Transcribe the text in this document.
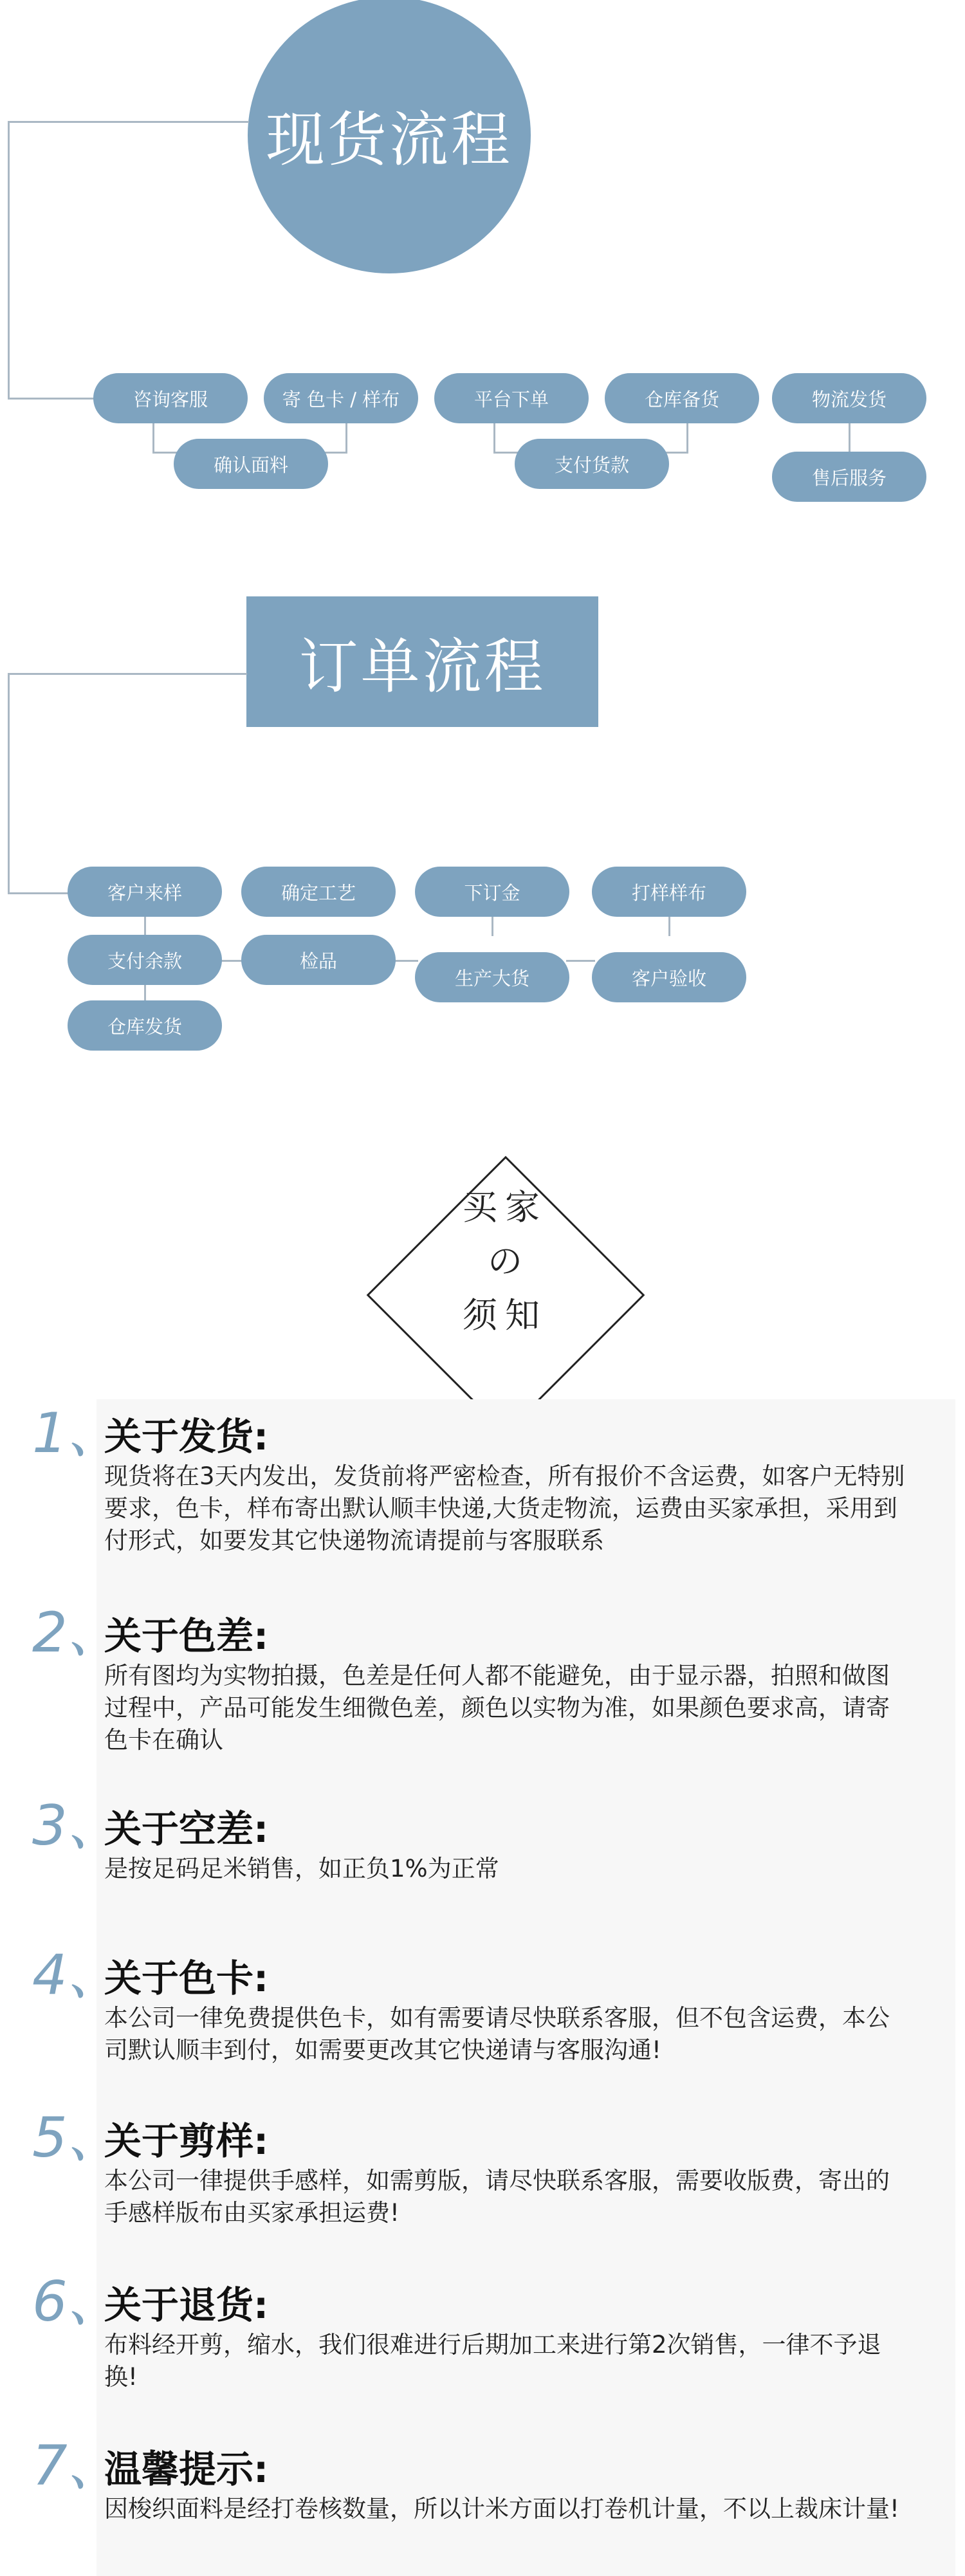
现货流程
咨询客服	寄 色卡 / 样布	平台下单	仓库备货	物流发货
确认面料	支付货款
售后服务
订单流程
客户来样	确定工艺	下订金	打样样布
支付余款	检品
生产大货	客户验收
仓库发货
买家
の
须知
1、
关于发货:
现货将在3天内发出，发货前将严密检查，所有报价不含运费，如客户无特别要求，色卡，样布寄出默认顺丰快递,大货走物流，运费由买家承担，采用到付形式，如要发其它快递物流请提前与客服联系
2、
关于色差:
所有图均为实物拍摄，色差是任何人都不能避免，由于显示器，拍照和做图过程中，产品可能发生细微色差，颜色以实物为准，如果颜色要求高，请寄色卡在确认
3、
关于空差:
是按足码足米销售，如正负1%为正常
4、
关于色卡:
本公司一律免费提供色卡，如有需要请尽快联系客服，但不包含运费，本公司默认顺丰到付，如需要更改其它快递请与客服沟通!
5、
关于剪样:
本公司一律提供手感样，如需剪版，请尽快联系客服，需要收版费，寄出的手感样版布由买家承担运费!
6、
关于退货:
布料经开剪，缩水，我们很难进行后期加工来进行第2次销售，一律不予退换!
7、
温馨提示:
因梭织面料是经打卷核数量，所以计米方面以打卷机计量，不以上裁床计量!
